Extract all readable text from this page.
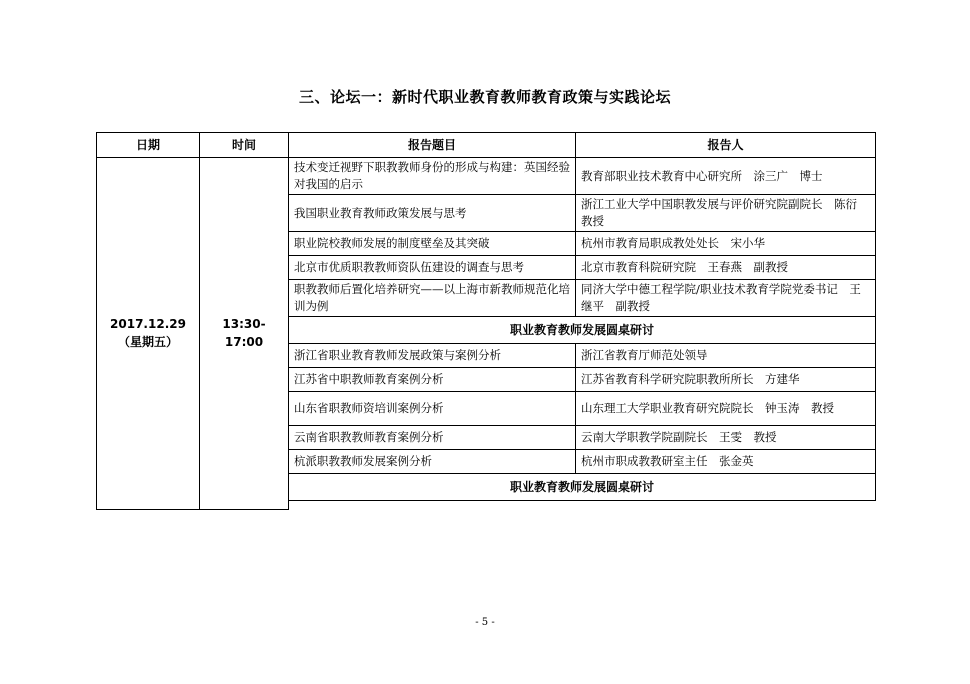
三、论坛一：新时代职业教育教师教育政策与实践论坛
日期	时间	报告题目	报告人

2017.12.29
（星期五）	13:30-17:00	技术变迁视野下职教教师身份的形成与构建：英国经验对我国的启示	教育部职业技术教育中心研究所　涂三广　博士
		我国职业教育教师政策发展与思考	浙江工业大学中国职教发展与评价研究院副院长　陈衍　教授
		职业院校教师发展的制度壁垒及其突破	杭州市教育局职成教处处长　宋小华
		北京市优质职教教师资队伍建设的调查与思考	北京市教育科院研究院　王春燕　副教授
		职教教师后置化培养研究——以上海市新教师规范化培训为例	同济大学中德工程学院/职业技术教育学院党委书记　王继平　副教授
		职业教育教师发展圆桌研讨	
		浙江省职业教育教师发展政策与案例分析	浙江省教育厅师范处领导
		江苏省中职教师教育案例分析	江苏省教育科学研究院职教所所长　方建华
		山东省职教师资培训案例分析	山东理工大学职业教育研究院院长　钟玉涛　教授
		云南省职教教师教育案例分析	云南大学职教学院副院长　王雯　教授
		杭派职教教师发展案例分析	杭州市职成教教研室主任　张金英
		职业教育教师发展圆桌研讨	

- 5 -
